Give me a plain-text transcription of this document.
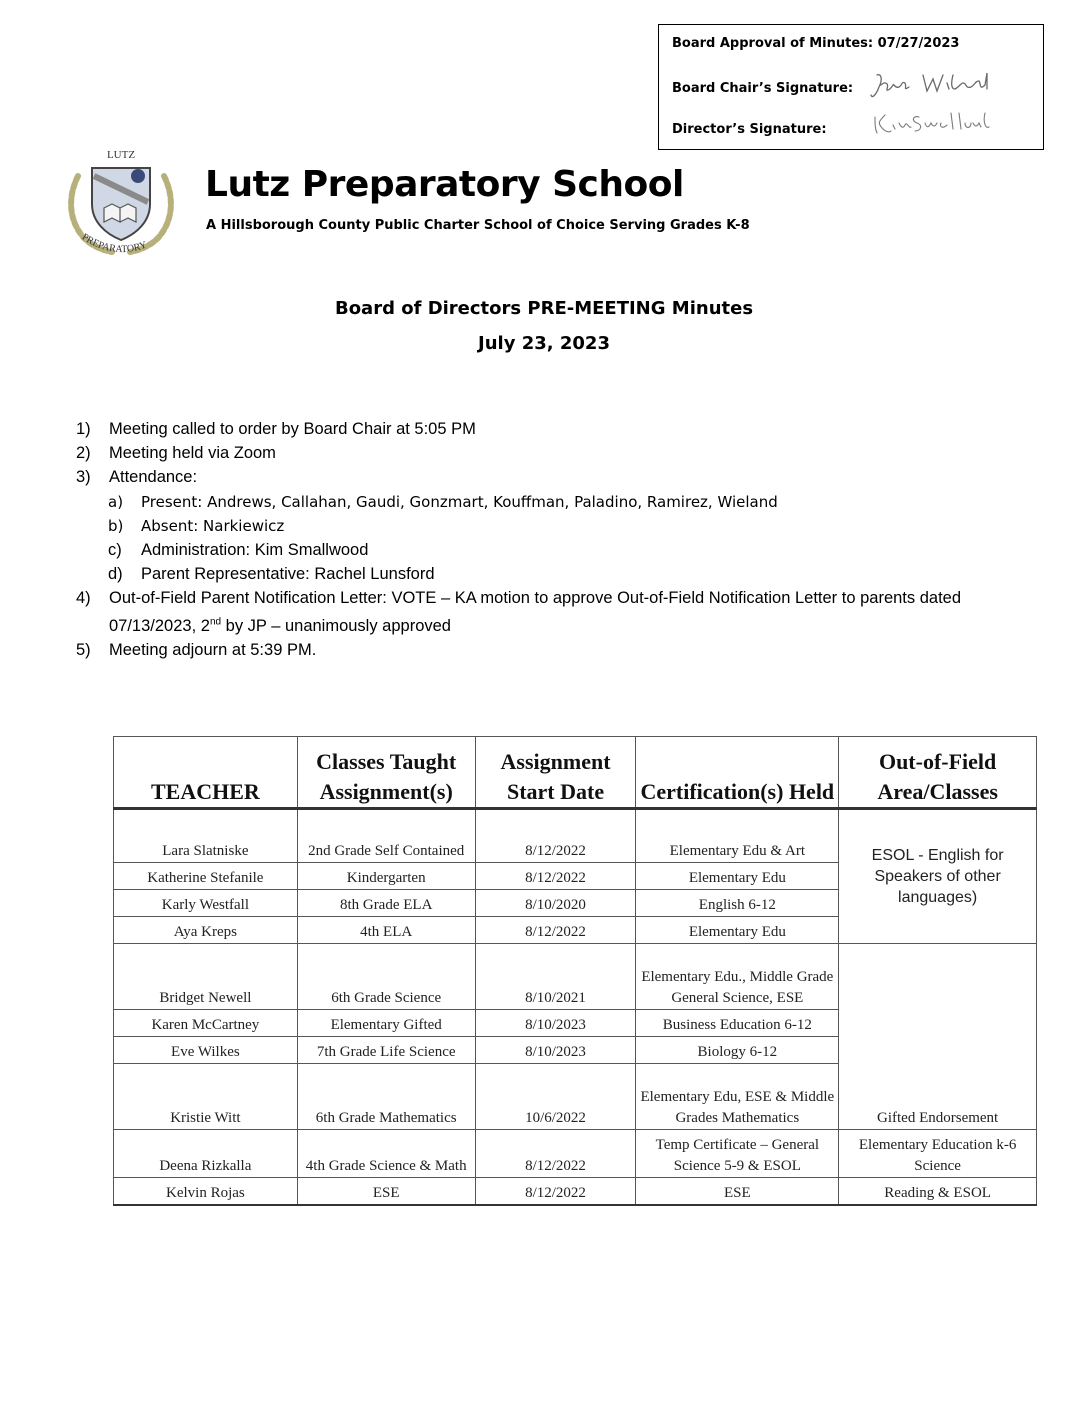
Board Approval of Minutes: 07/27/2023
Board Chair’s Signature:
Director’s Signature:
LUTZ
PREPARATORY
Lutz Preparatory School
A Hillsborough County Public Charter School of Choice Serving Grades K-8
Board of Directors PRE-MEETING Minutes
July 23, 2023
1) Meeting called to order by Board Chair at 5:05 PM
2) Meeting held via Zoom
3) Attendance:
a) Present: Andrews, Callahan, Gaudi, Gonzmart, Kouffman, Paladino, Ramirez, Wieland
b) Absent: Narkiewicz
c) Administration: Kim Smallwood
d) Parent Representative: Rachel Lunsford
4) Out-of-Field Parent Notification Letter: VOTE – KA motion to approve Out-of-Field Notification Letter to parents dated 07/13/2023, 2nd by JP – unanimously approved
5) Meeting adjourn at 5:39 PM.
TEACHER	Classes Taught Assignment(s)	Assignment Start Date	Certification(s) Held	Out-of-Field Area/Classes
Lara Slatniske	2nd Grade Self Contained	8/12/2022	Elementary Edu & Art	ESOL - English for Speakers of other languages)
Katherine Stefanile	Kindergarten	8/12/2022	Elementary Edu	
Karly Westfall	8th Grade ELA	8/10/2020	English 6-12	
Aya Kreps	4th ELA	8/12/2022	Elementary Edu	
Bridget Newell	6th Grade Science	8/10/2021	Elementary Edu., Middle Grade General Science, ESE	Gifted Endorsement
Karen McCartney	Elementary Gifted	8/10/2023	Business Education 6-12	
Eve Wilkes	7th Grade Life Science	8/10/2023	Biology 6-12	
Kristie Witt	6th Grade Mathematics	10/6/2022	Elementary Edu, ESE & Middle Grades Mathematics	
Deena Rizkalla	4th Grade Science & Math	8/12/2022	Temp Certificate – General Science 5-9 & ESOL	Elementary Education k-6 Science
Kelvin Rojas	ESE	8/12/2022	ESE	Reading & ESOL
